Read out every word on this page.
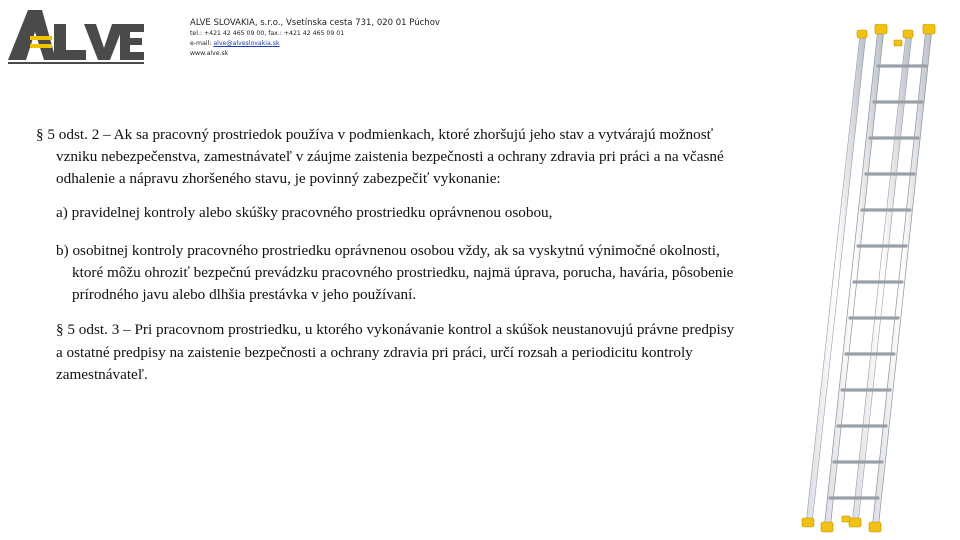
ALVE SLOVAKIA, s.r.o., Vsetínska cesta 731, 020 01 Púchov
tel.: +421 42 465 09 00, fax.: +421 42 465 09 01
e-mail: alve@alveslovakia.sk
www.alve.sk

§ 5 odst. 2 – Ak sa pracovný prostriedok používa v podmienkach, ktoré zhoršujú jeho stav a vytvárajú možnosť vzniku nebezpečenstva, zamestnávateľ v záujme zaistenia bezpečnosti a ochrany zdravia pri práci a na včasné odhalenie a nápravu zhoršeného stavu, je povinný zabezpečiť vykonanie:

a) pravidelnej kontroly alebo skúšky pracovného prostriedku oprávnenou osobou,

b) osobitnej kontroly pracovného prostriedku oprávnenou osobou vždy, ak sa vyskytnú výnimočné okolnosti, ktoré môžu ohroziť bezpečnú prevádzku pracovného prostriedku, najmä úprava, porucha, havária, pôsobenie prírodného javu alebo dlhšia prestávka v jeho používaní.

§ 5 odst. 3 – Pri pracovnom prostriedku, u ktorého vykonávanie kontrol a skúšok neustanovujú právne predpisy a ostatné predpisy na zaistenie bezpečnosti a ochrany zdravia pri práci, určí rozsah a periodicitu kontroly zamestnávateľ.
